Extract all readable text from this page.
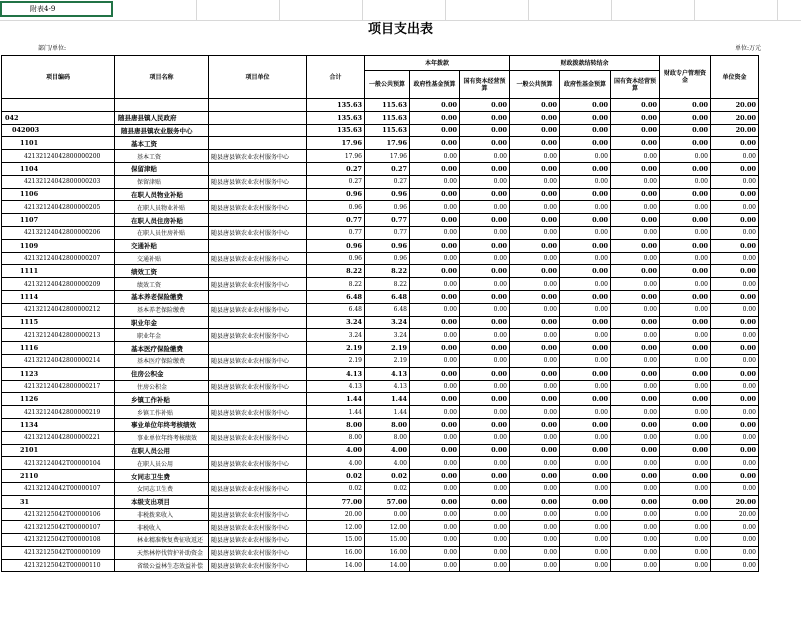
附表4-9
项目支出表
部门/单位:	单位:万元
项目编码	项目名称	项目单位	合计	本年拨款			财政拨款结转结余			财政专户管理资金	单位资金
				一般公共预算	政府性基金预算	国有资本经营预算	一般公共预算	政府性基金预算	国有资本经营预算		
			135.63	115.63	0.00	0.00	0.00	0.00	0.00	0.00	20.00
042	随县唐县镇人民政府		135.63	115.63	0.00	0.00	0.00	0.00	0.00	0.00	20.00
042003	随县唐县镇农业服务中心		135.63	115.63	0.00	0.00	0.00	0.00	0.00	0.00	20.00
1101	基本工资		17.96	17.96	0.00	0.00	0.00	0.00	0.00	0.00	0.00
42132124042800000200	基本工资	随县唐县镇农业农村服务中心	17.96	17.96	0.00	0.00	0.00	0.00	0.00	0.00	0.00
1104	保留津贴		0.27	0.27	0.00	0.00	0.00	0.00	0.00	0.00	0.00
42132124042800000203	保留津贴	随县唐县镇农业农村服务中心	0.27	0.27	0.00	0.00	0.00	0.00	0.00	0.00	0.00
1106	在职人员物业补贴		0.96	0.96	0.00	0.00	0.00	0.00	0.00	0.00	0.00
42132124042800000205	在职人员物业补贴	随县唐县镇农业农村服务中心	0.96	0.96	0.00	0.00	0.00	0.00	0.00	0.00	0.00
1107	在职人员住房补贴		0.77	0.77	0.00	0.00	0.00	0.00	0.00	0.00	0.00
42132124042800000206	在职人员住房补贴	随县唐县镇农业农村服务中心	0.77	0.77	0.00	0.00	0.00	0.00	0.00	0.00	0.00
1109	交通补贴		0.96	0.96	0.00	0.00	0.00	0.00	0.00	0.00	0.00
42132124042800000207	交通补贴	随县唐县镇农业农村服务中心	0.96	0.96	0.00	0.00	0.00	0.00	0.00	0.00	0.00
1111	绩效工资		8.22	8.22	0.00	0.00	0.00	0.00	0.00	0.00	0.00
42132124042800000209	绩效工资	随县唐县镇农业农村服务中心	8.22	8.22	0.00	0.00	0.00	0.00	0.00	0.00	0.00
1114	基本养老保险缴费		6.48	6.48	0.00	0.00	0.00	0.00	0.00	0.00	0.00
42132124042800000212	基本养老保险缴费	随县唐县镇农业农村服务中心	6.48	6.48	0.00	0.00	0.00	0.00	0.00	0.00	0.00
1115	职业年金		3.24	3.24	0.00	0.00	0.00	0.00	0.00	0.00	0.00
42132124042800000213	职业年金	随县唐县镇农业农村服务中心	3.24	3.24	0.00	0.00	0.00	0.00	0.00	0.00	0.00
1116	基本医疗保险缴费		2.19	2.19	0.00	0.00	0.00	0.00	0.00	0.00	0.00
42132124042800000214	基本医疗保险缴费	随县唐县镇农业农村服务中心	2.19	2.19	0.00	0.00	0.00	0.00	0.00	0.00	0.00
1123	住房公积金		4.13	4.13	0.00	0.00	0.00	0.00	0.00	0.00	0.00
42132124042800000217	住房公积金	随县唐县镇农业农村服务中心	4.13	4.13	0.00	0.00	0.00	0.00	0.00	0.00	0.00
1126	乡镇工作补贴		1.44	1.44	0.00	0.00	0.00	0.00	0.00	0.00	0.00
42132124042800000219	乡镇工作补贴	随县唐县镇农业农村服务中心	1.44	1.44	0.00	0.00	0.00	0.00	0.00	0.00	0.00
1134	事业单位年终考核绩效		8.00	8.00	0.00	0.00	0.00	0.00	0.00	0.00	0.00
42132124042800000221	事业单位年终考核绩效	随县唐县镇农业农村服务中心	8.00	8.00	0.00	0.00	0.00	0.00	0.00	0.00	0.00
2101	在职人员公用		4.00	4.00	0.00	0.00	0.00	0.00	0.00	0.00	0.00
42132124042T00000104	在职人员公用	随县唐县镇农业农村服务中心	4.00	4.00	0.00	0.00	0.00	0.00	0.00	0.00	0.00
2110	女同志卫生费		0.02	0.02	0.00	0.00	0.00	0.00	0.00	0.00	0.00
42132124042T00000107	女同志卫生费	随县唐县镇农业农村服务中心	0.02	0.02	0.00	0.00	0.00	0.00	0.00	0.00	0.00
31	本级支出项目		77.00	57.00	0.00	0.00	0.00	0.00	0.00	0.00	20.00
42132125042T00000106	非税拨来收入	随县唐县镇农业农村服务中心	20.00	0.00	0.00	0.00	0.00	0.00	0.00	0.00	20.00
42132125042T00000107	非税收入	随县唐县镇农业农村服务中心	12.00	12.00	0.00	0.00	0.00	0.00	0.00	0.00	0.00
42132125042T00000108	林业精准恢复费征收返还	随县唐县镇农业农村服务中心	15.00	15.00	0.00	0.00	0.00	0.00	0.00	0.00	0.00
42132125042T00000109	天然林停伐管护补助资金	随县唐县镇农业农村服务中心	16.00	16.00	0.00	0.00	0.00	0.00	0.00	0.00	0.00
42132125042T00000110	省级公益林生态效益补偿	随县唐县镇农业农村服务中心	14.00	14.00	0.00	0.00	0.00	0.00	0.00	0.00	0.00
